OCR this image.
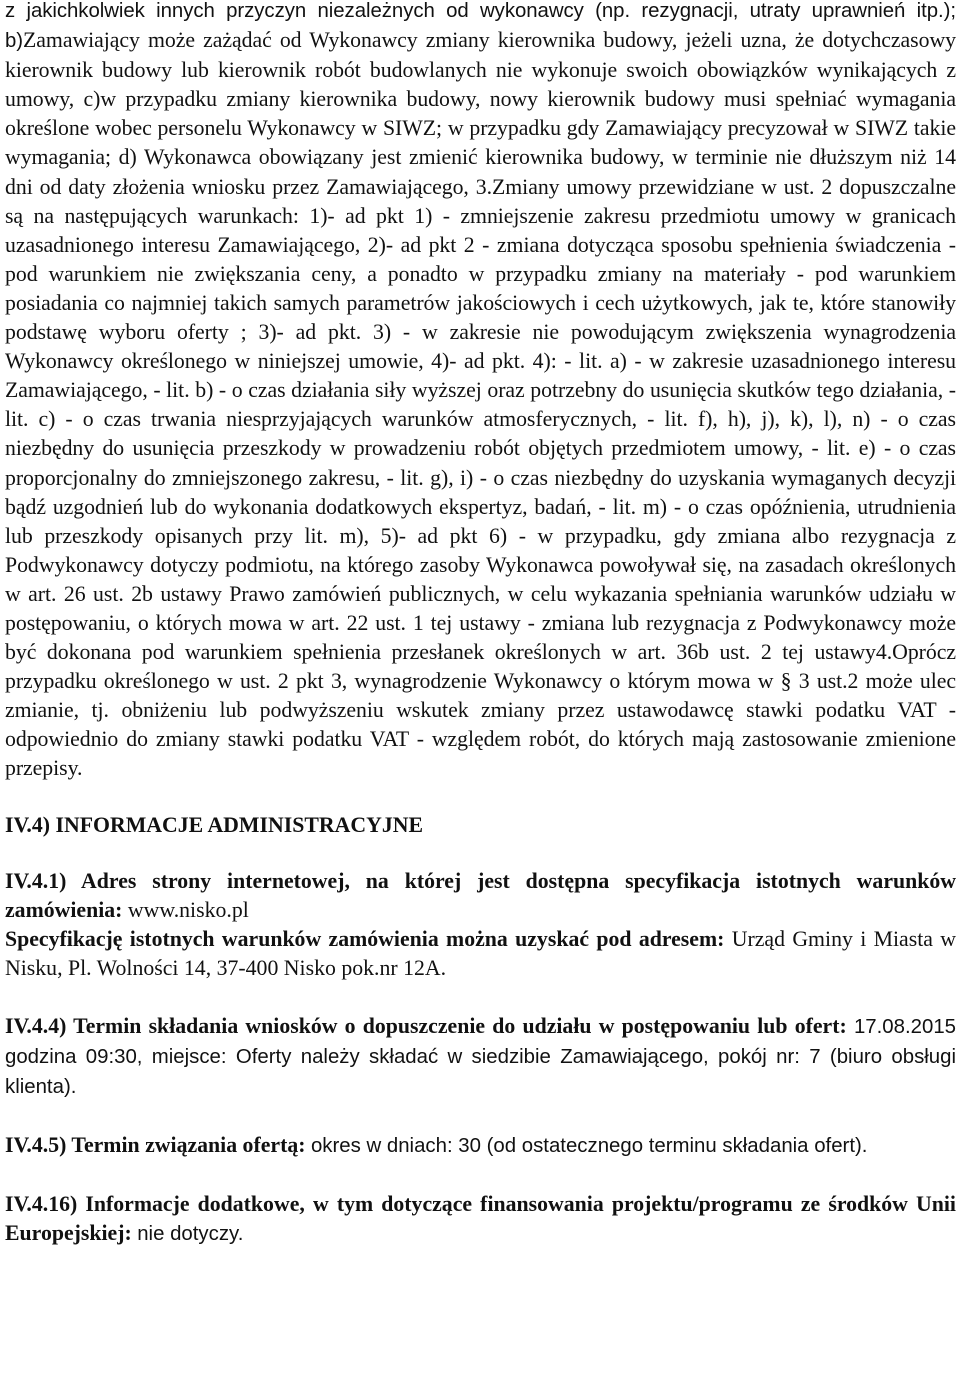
z jakichkolwiek innych przyczyn niezależnych od wykonawcy (np. rezygnacji, utraty uprawnień itp.); b)Zamawiający może zażądać od Wykonawcy zmiany kierownika budowy, jeżeli uzna, że dotychczasowy kierownik budowy lub kierownik robót budowlanych nie wykonuje swoich obowiązków wynikających z umowy, c)w przypadku zmiany kierownika budowy, nowy kierownik budowy musi spełniać wymagania określone wobec personelu Wykonawcy w SIWZ; w przypadku gdy Zamawiający precyzował w SIWZ takie wymagania; d) Wykonawca obowiązany jest zmienić kierownika budowy, w terminie nie dłuższym niż 14 dni od daty złożenia wniosku przez Zamawiającego, 3.Zmiany umowy przewidziane w ust. 2 dopuszczalne są na następujących warunkach: 1)- ad pkt 1) - zmniejszenie zakresu przedmiotu umowy w granicach uzasadnionego interesu Zamawiającego, 2)- ad pkt 2 - zmiana dotycząca sposobu spełnienia świadczenia - pod warunkiem nie zwiększania ceny, a ponadto w przypadku zmiany na materiały - pod warunkiem posiadania co najmniej takich samych parametrów jakościowych i cech użytkowych, jak te, które stanowiły podstawę wyboru oferty ; 3)- ad pkt. 3) - w zakresie nie powodującym zwiększenia wynagrodzenia Wykonawcy określonego w niniejszej umowie, 4)- ad pkt. 4): - lit. a) - w zakresie uzasadnionego interesu Zamawiającego, - lit. b) - o czas działania siły wyższej oraz potrzebny do usunięcia skutków tego działania, - lit. c) - o czas trwania niesprzyjających warunków atmosferycznych, - lit. f), h), j), k), l), n) - o czas niezbędny do usunięcia przeszkody w prowadzeniu robót objętych przedmiotem umowy, - lit. e) - o czas proporcjonalny do zmniejszonego zakresu, - lit. g), i) - o czas niezbędny do uzyskania wymaganych decyzji bądź uzgodnień lub do wykonania dodatkowych ekspertyz, badań, - lit. m) - o czas opóźnienia, utrudnienia lub przeszkody opisanych przy lit. m), 5)- ad pkt 6) - w przypadku, gdy zmiana albo rezygnacja z Podwykonawcy dotyczy podmiotu, na którego zasoby Wykonawca powoływał się, na zasadach określonych w art. 26 ust. 2b ustawy Prawo zamówień publicznych, w celu wykazania spełniania warunków udziału w postępowaniu, o których mowa w art. 22 ust. 1 tej ustawy - zmiana lub rezygnacja z Podwykonawcy może być dokonana pod warunkiem spełnienia przesłanek określonych w art. 36b ust. 2 tej ustawy4.Oprócz przypadku określonego w ust. 2 pkt 3, wynagrodzenie Wykonawcy o którym mowa w § 3 ust.2 może ulec zmianie, tj. obniżeniu lub podwyższeniu wskutek zmiany przez ustawodawcę stawki podatku VAT - odpowiednio do zmiany stawki podatku VAT - względem robót, do których mają zastosowanie zmienione przepisy.

IV.4) INFORMACJE ADMINISTRACYJNE

IV.4.1) Adres strony internetowej, na której jest dostępna specyfikacja istotnych warunków zamówienia: www.nisko.pl
Specyfikację istotnych warunków zamówienia można uzyskać pod adresem: Urząd Gminy i Miasta w Nisku, Pl. Wolności 14, 37-400 Nisko pok.nr 12A.

IV.4.4) Termin składania wniosków o dopuszczenie do udziału w postępowaniu lub ofert: 17.08.2015 godzina 09:30, miejsce: Oferty należy składać w siedzibie Zamawiającego, pokój nr: 7 (biuro obsługi klienta).

IV.4.5) Termin związania ofertą: okres w dniach: 30 (od ostatecznego terminu składania ofert).

IV.4.16) Informacje dodatkowe, w tym dotyczące finansowania projektu/programu ze środków Unii Europejskiej: nie dotyczy.
